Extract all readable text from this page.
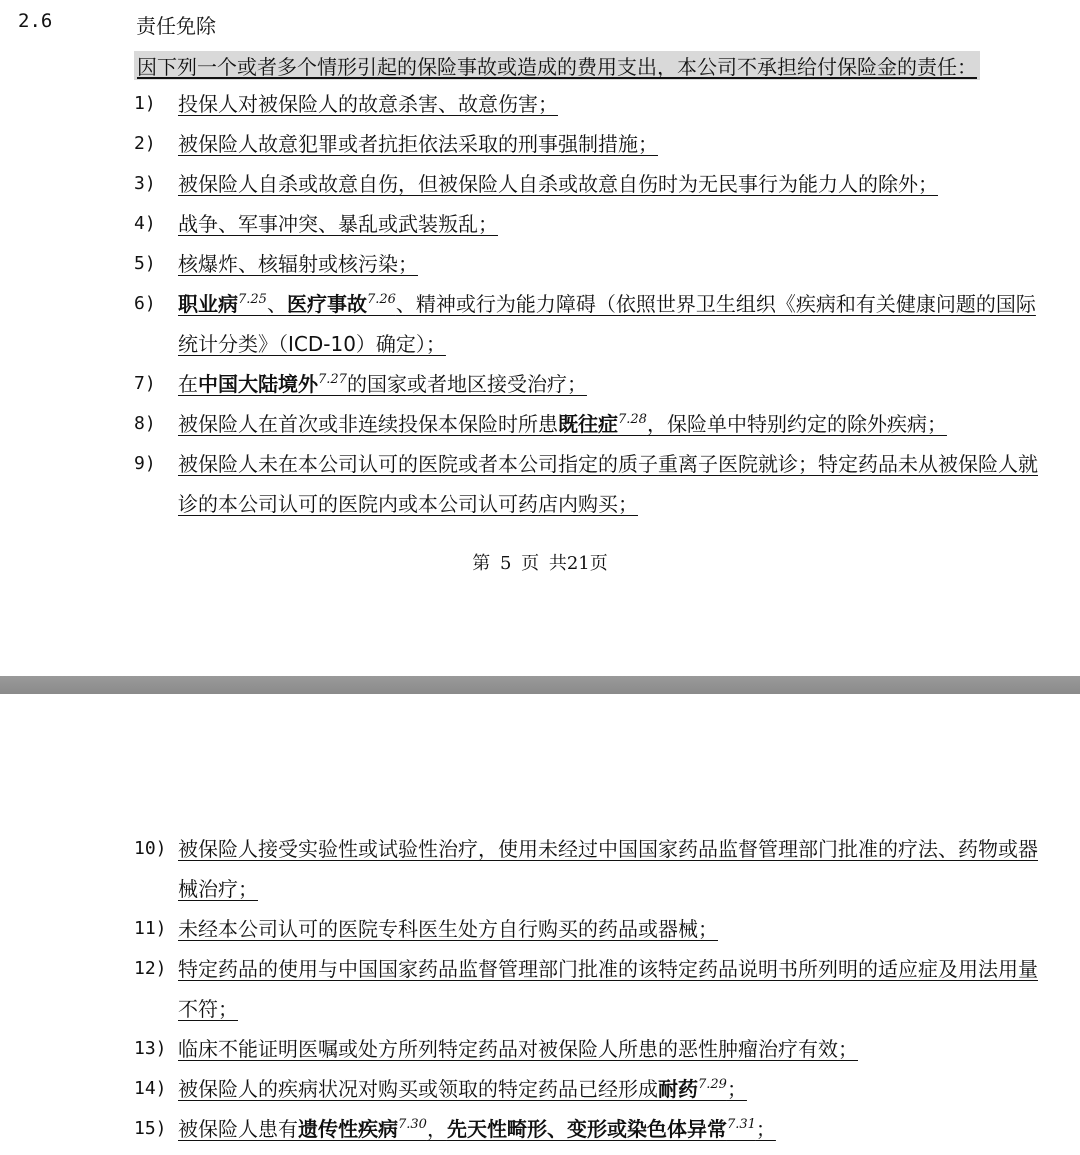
2.6	责任免除
因下列一个或者多个情形引起的保险事故或造成的费用支出，本公司不承担给付保险金的责任：
1) 投保人对被保险人的故意杀害、故意伤害；
2) 被保险人故意犯罪或者抗拒依法采取的刑事强制措施；
3) 被保险人自杀或故意自伤，但被保险人自杀或故意自伤时为无民事行为能力人的除外；
4) 战争、军事冲突、暴乱或武装叛乱；
5) 核爆炸、核辐射或核污染；
6) 职业病$^{7.25}$、医疗事故$^{7.26}$、精神或行为能力障碍（依照世界卫生组织《疾病和有关健康问题的国际统计分类》（ICD-10）确定）；
7) 在中国大陆境外$^{7.27}$的国家或者地区接受治疗；
8) 被保险人在首次或非连续投保本保险时所患既往症$^{7.28}$，保险单中特别约定的除外疾病；
9) 被保险人未在本公司认可的医院或者本公司指定的质子重离子医院就诊；特定药品未从被保险人就诊的本公司认可的医院内或本公司认可药店内购买；
第 5 页 共21页
10) 被保险人接受实验性或试验性治疗，使用未经过中国国家药品监督管理部门批准的疗法、药物或器械治疗；
11) 未经本公司认可的医院专科医生处方自行购买的药品或器械；
12) 特定药品的使用与中国国家药品监督管理部门批准的该特定药品说明书所列明的适应症及用法用量不符；
13) 临床不能证明医嘱或处方所列特定药品对被保险人所患的恶性肿瘤治疗有效；
14) 被保险人的疾病状况对购买或领取的特定药品已经形成耐药$^{7.29}$；
15) 被保险人患有遗传性疾病$^{7.30}$，先天性畸形、变形或染色体异常$^{7.31}$；
